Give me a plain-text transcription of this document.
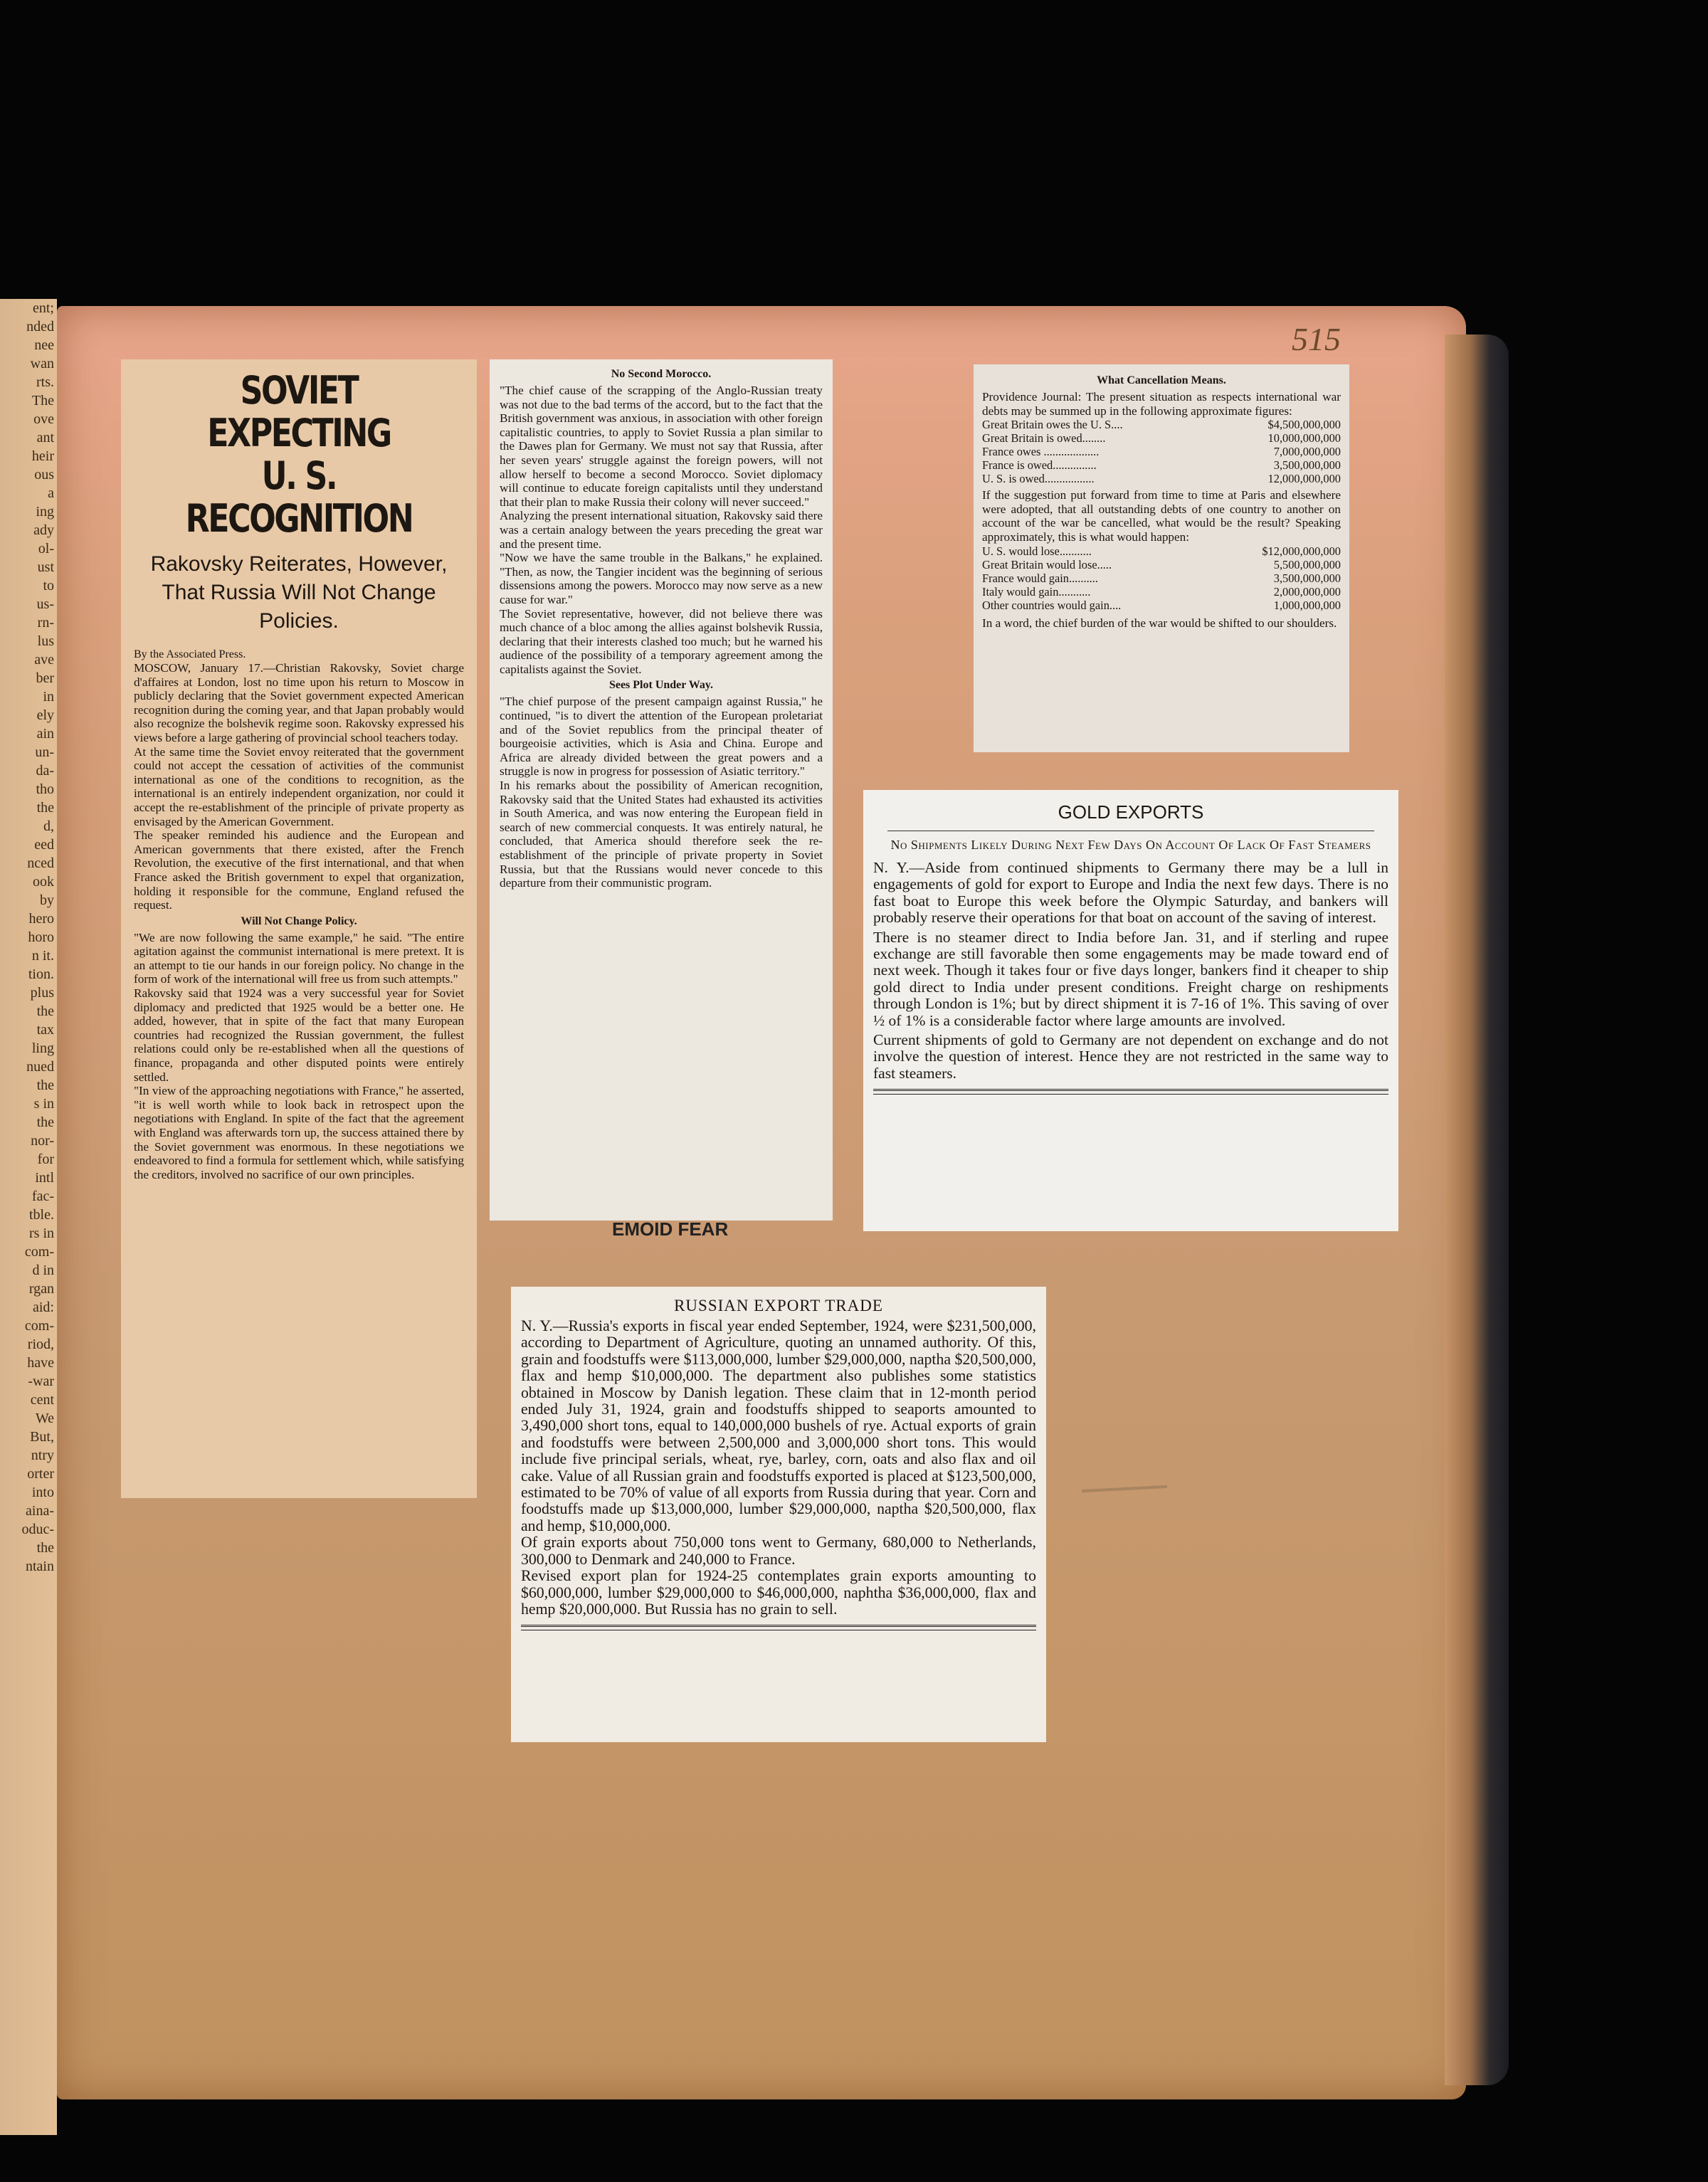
ent;
nded
nee
wan
rts.
The
ove
ant
heir
ous
a
ing
ady
ol-
ust
to
us-
rn-
lus
ave
ber
in
ely
ain
un-
da-
tho
the
d,
eed
nced
ook
by
hero
horo
n it.
tion.
plus
the
tax
ling
nued
the
s in
the
nor-
for
intl
fac-
tble.
rs in
com-
d in
rgan
aid:
com-
riod,
have
-war
cent
We
But,
ntry
orter
into
aina-
oduc-
the
ntain
515
SOVIET EXPECTING
U. S. RECOGNITION
Rakovsky Reiterates, However, That Russia Will Not Change Policies.
By the Associated Press.

MOSCOW, January 17.—Christian Rakovsky, Soviet charge d'affaires at London, lost no time upon his return to Moscow in publicly declaring that the Soviet government expected American recognition during the coming year, and that Japan probably would also recognize the bolshevik regime soon. Rakovsky expressed his views before a large gathering of provincial school teachers today.

At the same time the Soviet envoy reiterated that the government could not accept the cessation of activities of the communist international as one of the conditions to recognition, as the international is an entirely independent organization, nor could it accept the re-establishment of the principle of private property as envisaged by the American Government.

The speaker reminded his audience and the European and American governments that there existed, after the French Revolution, the executive of the first international, and that when France asked the British government to expel that organization, holding it responsible for the commune, England refused the request.

Will Not Change Policy.

"We are now following the same example," he said. "The entire agitation against the communist international is mere pretext. It is an attempt to tie our hands in our foreign policy. No change in the form of work of the international will free us from such attempts."

Rakovsky said that 1924 was a very successful year for Soviet diplomacy and predicted that 1925 would be a better one. He added, however, that in spite of the fact that many European countries had recognized the Russian government, the fullest relations could only be re-established when all the questions of finance, propaganda and other disputed points were entirely settled.

"In view of the approaching negotiations with France," he asserted, "it is well worth while to look back in retrospect upon the negotiations with England. In spite of the fact that the agreement with England was afterwards torn up, the success attained there by the Soviet government was enormous. In these negotiations we endeavored to find a formula for settlement which, while satisfying the creditors, involved no sacrifice of our own principles.

No Second Morocco.

"The chief cause of the scrapping of the Anglo-Russian treaty was not due to the bad terms of the accord, but to the fact that the British government was anxious, in association with other foreign capitalistic countries, to apply to Soviet Russia a plan similar to the Dawes plan for Germany. We must not say that Russia, after her seven years' struggle against the foreign powers, will not allow herself to become a second Morocco. Soviet diplomacy will continue to educate foreign capitalists until they understand that their plan to make Russia their colony will never succeed."

Analyzing the present international situation, Rakovsky said there was a certain analogy between the years preceding the great war and the present time.

"Now we have the same trouble in the Balkans," he explained. "Then, as now, the Tangier incident was the beginning of serious dissensions among the powers. Morocco may now serve as a new cause for war."

The Soviet representative, however, did not believe there was much chance of a bloc among the allies against bolshevik Russia, declaring that their interests clashed too much; but he warned his audience of the possibility of a temporary agreement among the capitalists against the Soviet.

Sees Plot Under Way.

"The chief purpose of the present campaign against Russia," he continued, "is to divert the attention of the European proletariat and of the Soviet republics from the principal theater of bourgeoisie activities, which is Asia and China. Europe and Africa are already divided between the great powers and a struggle is now in progress for possession of Asiatic territory."

In his remarks about the possibility of American recognition, Rakovsky said that the United States had exhausted its activities in South America, and was now entering the European field in search of new commercial conquests. It was entirely natural, he concluded, that America should therefore seek the re-establishment of the principle of private property in Soviet Russia, but that the Russians would never concede to this departure from their communistic program.

EMOID FEAR
What Cancellation Means.

Providence Journal: The present situation as respects international war debts may be summed up in the following approximate figures:

Great Britain owes the U. S....	$4,500,000,000
Great Britain is owed........	10,000,000,000
France owes ...................	7,000,000,000
France is owed...............	3,500,000,000
U. S. is owed.................	12,000,000,000

If the suggestion put forward from time to time at Paris and elsewhere were adopted, that all outstanding debts of one country to another on account of the war be cancelled, what would be the result? Speaking approximately, this is what would happen:

U. S. would lose...........	$12,000,000,000
Great Britain would lose.....	5,500,000,000
France would gain..........	3,500,000,000
Italy would gain...........	2,000,000,000
Other countries would gain....	1,000,000,000

In a word, the chief burden of the war would be shifted to our shoulders.

GOLD EXPORTS
No Shipments Likely During Next Few Days On Account Of Lack Of Fast Steamers

N. Y.—Aside from continued shipments to Germany there may be a lull in engagements of gold for export to Europe and India the next few days. There is no fast boat to Europe this week before the Olympic Saturday, and bankers will probably reserve their operations for that boat on account of the saving of interest.

There is no steamer direct to India before Jan. 31, and if sterling and rupee exchange are still favorable then some engagements may be made toward end of next week. Though it takes four or five days longer, bankers find it cheaper to ship gold direct to India under present conditions. Freight charge on reshipments through London is 1%; but by direct shipment it is 7-16 of 1%. This saving of over ½ of 1% is a considerable factor where large amounts are involved.

Current shipments of gold to Germany are not dependent on exchange and do not involve the question of interest. Hence they are not restricted in the same way to fast steamers.

RUSSIAN EXPORT TRADE

N. Y.—Russia's exports in fiscal year ended September, 1924, were $231,500,000, according to Department of Agriculture, quoting an unnamed authority. Of this, grain and foodstuffs were $113,000,000, lumber $29,000,000, naptha $20,500,000, flax and hemp $10,000,000. The department also publishes some statistics obtained in Moscow by Danish legation. These claim that in 12-month period ended July 31, 1924, grain and foodstuffs shipped to seaports amounted to 3,490,000 short tons, equal to 140,000,000 bushels of rye. Actual exports of grain and foodstuffs were between 2,500,000 and 3,000,000 short tons. This would include five principal serials, wheat, rye, barley, corn, oats and also flax and oil cake. Value of all Russian grain and foodstuffs exported is placed at $123,500,000, estimated to be 70% of value of all exports from Russia during that year. Corn and foodstuffs made up $13,000,000, lumber $29,000,000, naptha $20,500,000, flax and hemp, $10,000,000.

Of grain exports about 750,000 tons went to Germany, 680,000 to Netherlands, 300,000 to Denmark and 240,000 to France.

Revised export plan for 1924-25 contemplates grain exports amounting to $60,000,000, lumber $29,000,000 to $46,000,000, naphtha $36,000,000, flax and hemp $20,000,000. But Russia has no grain to sell.
